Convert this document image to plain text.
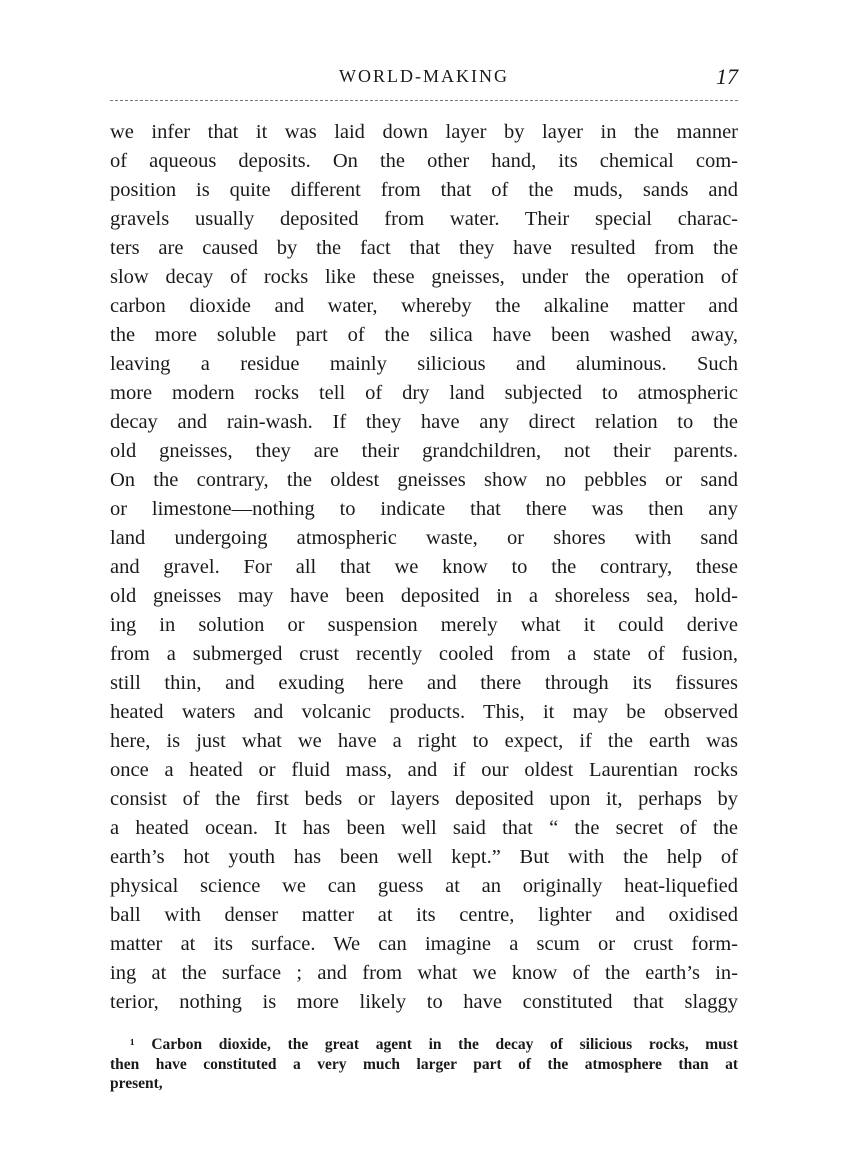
WORLD-MAKING	17
we infer that it was laid down layer by layer in the manner
of aqueous deposits. On the other hand, its chemical com-
position is quite different from that of the muds, sands and
gravels usually deposited from water. Their special charac-
ters are caused by the fact that they have resulted from the
slow decay of rocks like these gneisses, under the operation of
carbon dioxide and water, whereby the alkaline matter and
the more soluble part of the silica have been washed away,
leaving a residue mainly silicious and aluminous. Such
more modern rocks tell of dry land subjected to atmospheric
decay and rain-wash. If they have any direct relation to the
old gneisses, they are their grandchildren, not their parents.
On the contrary, the oldest gneisses show no pebbles or sand
or limestone—nothing to indicate that there was then any
land undergoing atmospheric waste, or shores with sand
and gravel. For all that we know to the contrary, these
old gneisses may have been deposited in a shoreless sea, hold-
ing in solution or suspension merely what it could derive
from a submerged crust recently cooled from a state of fusion,
still thin, and exuding here and there through its fissures
heated waters and volcanic products. This, it may be observed
here, is just what we have a right to expect, if the earth was
once a heated or fluid mass, and if our oldest Laurentian rocks
consist of the first beds or layers deposited upon it, perhaps by
a heated ocean. It has been well said that “ the secret of the
earth’s hot youth has been well kept.” But with the help of
physical science we can guess at an originally heat-liquefied
ball with denser matter at its centre, lighter and oxidised
matter at its surface. We can imagine a scum or crust form-
ing at the surface ; and from what we know of the earth’s in-
terior, nothing is more likely to have constituted that slaggy
¹ Carbon dioxide, the great agent in the decay of silicious rocks, must
then have constituted a very much larger part of the atmosphere than at
present,
